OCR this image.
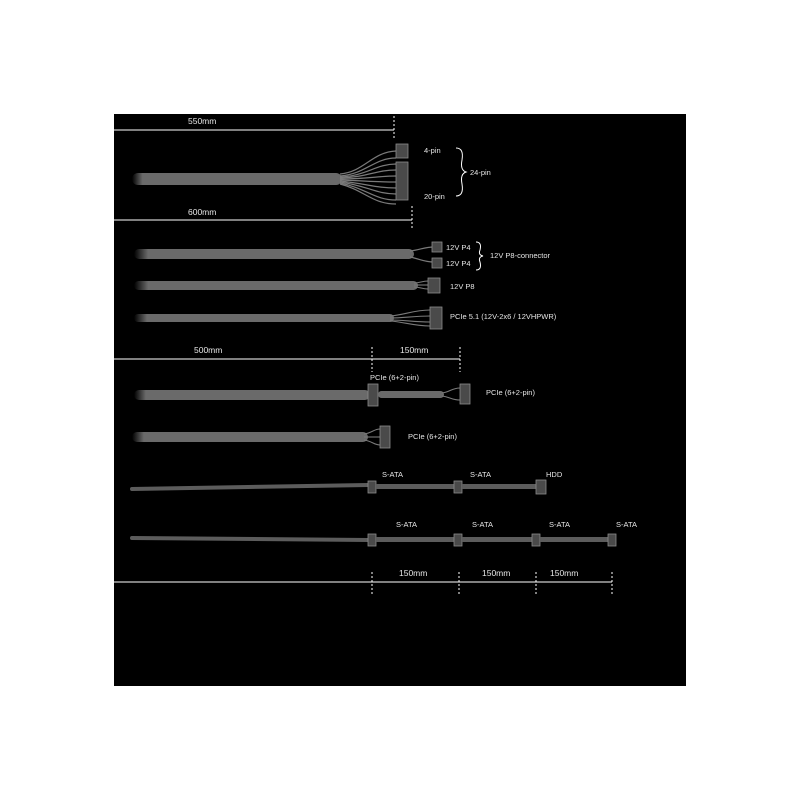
550mm
600mm
500mm	150mm
150mm	150mm	150mm
4-pin
20-pin
24-pin
12V P4
12V P4
12V P8-connector
12V P8
PCIe 5.1 (12V-2x6 / 12VHPWR)
PCIe (6+2-pin)
PCIe (6+2-pin)
PCIe (6+2-pin)
S-ATA	S-ATA	HDD
S-ATA	S-ATA	S-ATA	S-ATA
